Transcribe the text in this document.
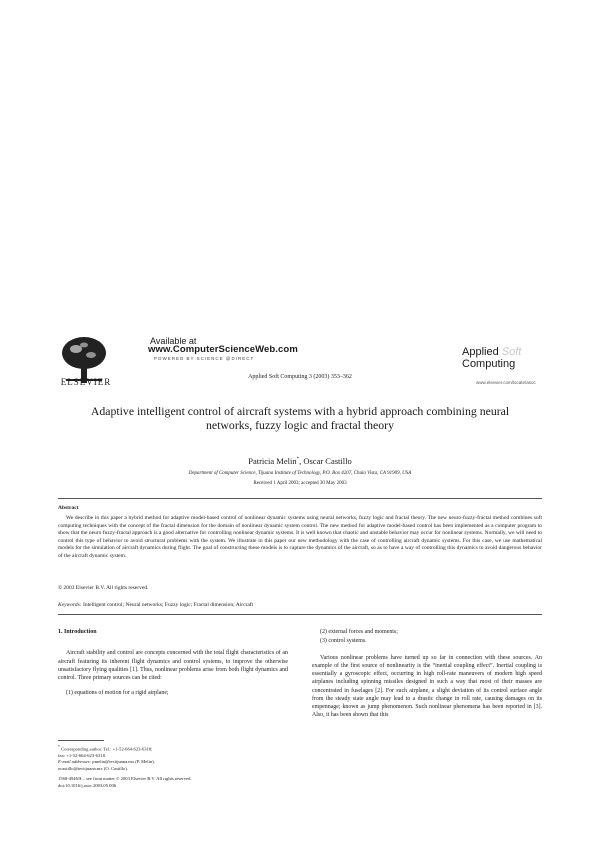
ELSEVIER
Available at
www.ComputerScienceWeb.com
POWERED BY SCIENCE @DIRECT
Applied Soft Computing 3 (2003) 353–362
Applied Soft
Computing
www.elsevier.com/locate/asoc
Adaptive intelligent control of aircraft systems with a hybrid approach combining neural networks, fuzzy logic and fractal theory
Patricia Melin*, Oscar Castillo
Department of Computer Science, Tijuana Institute of Technology, P.O. Box 4207, Chula Vista, CA 91909, USA
Received 1 April 2003; accepted 30 May 2003
Abstract
We describe in this paper a hybrid method for adaptive model-based control of nonlinear dynamic systems using neural networks, fuzzy logic and fractal theory. The new neuro-fuzzy-fractal method combines soft computing techniques with the concept of the fractal dimension for the domain of nonlinear dynamic system control. The new method for adaptive model-based control has been implemented as a computer program to show that the neuro fuzzy-fractal approach is a good alternative for controlling nonlinear dynamic systems. It is well known that chaotic and unstable behavior may occur for nonlinear systems. Normally, we will need to control this type of behavior to avoid structural problems with the system. We illustrate in this paper our new methodology with the case of controlling aircraft dynamic systems. For this case, we use mathematical models for the simulation of aircraft dynamics during flight. The goal of constructing these models is to capture the dynamics of the aircraft, so as to have a way of controlling this dynamics to avoid dangerous behavior of the aircraft dynamic system.
© 2003 Elsevier B.V. All rights reserved.
Keywords: Intelligent control; Neural networks; Fuzzy logic; Fractal dimension; Aircraft
1. Introduction

Aircraft stability and control are concepts concerned with the total flight characteristics of an aircraft featuring its inherent flight dynamics and control systems, to improve the otherwise unsatisfactory flying qualities [1]. Thus, nonlinear problems arise from both flight dynamics and control. Three primary sources can be cited:

(1) equations of motion for a rigid airplane;
(2) external forces and moments;
(3) control systems.

Various nonlinear problems have turned up so far in connection with these sources. An example of the first source of nonlinearity is the “inertial coupling effect”. Inertial coupling is essentially a gyroscopic effect, occurring in high roll-rate maneuvers of modern high speed airplanes including spinning missiles designed in such a way that most of their masses are concentrated in fuselages [2]. For such airplane, a slight deviation of its control surface angle from the steady state angle may lead to a drastic change in roll rate, causing damages on its empennage; known as jump phenomenon. Such nonlinear phenomena has been reported in [3]. Also, it has been shown that this

* Corresponding author. Tel.: +1-52-664-623-6318;
fax: +1-52-664-623-6318.
E-mail addresses: pmelin@tectijuana.mx (P. Melin),
ocastillo@tectijuana.mx (O. Castillo).
1568-4946/$ – see front matter © 2003 Elsevier B.V. All rights reserved.
doi:10.1016/j.asoc.2003.05.006
